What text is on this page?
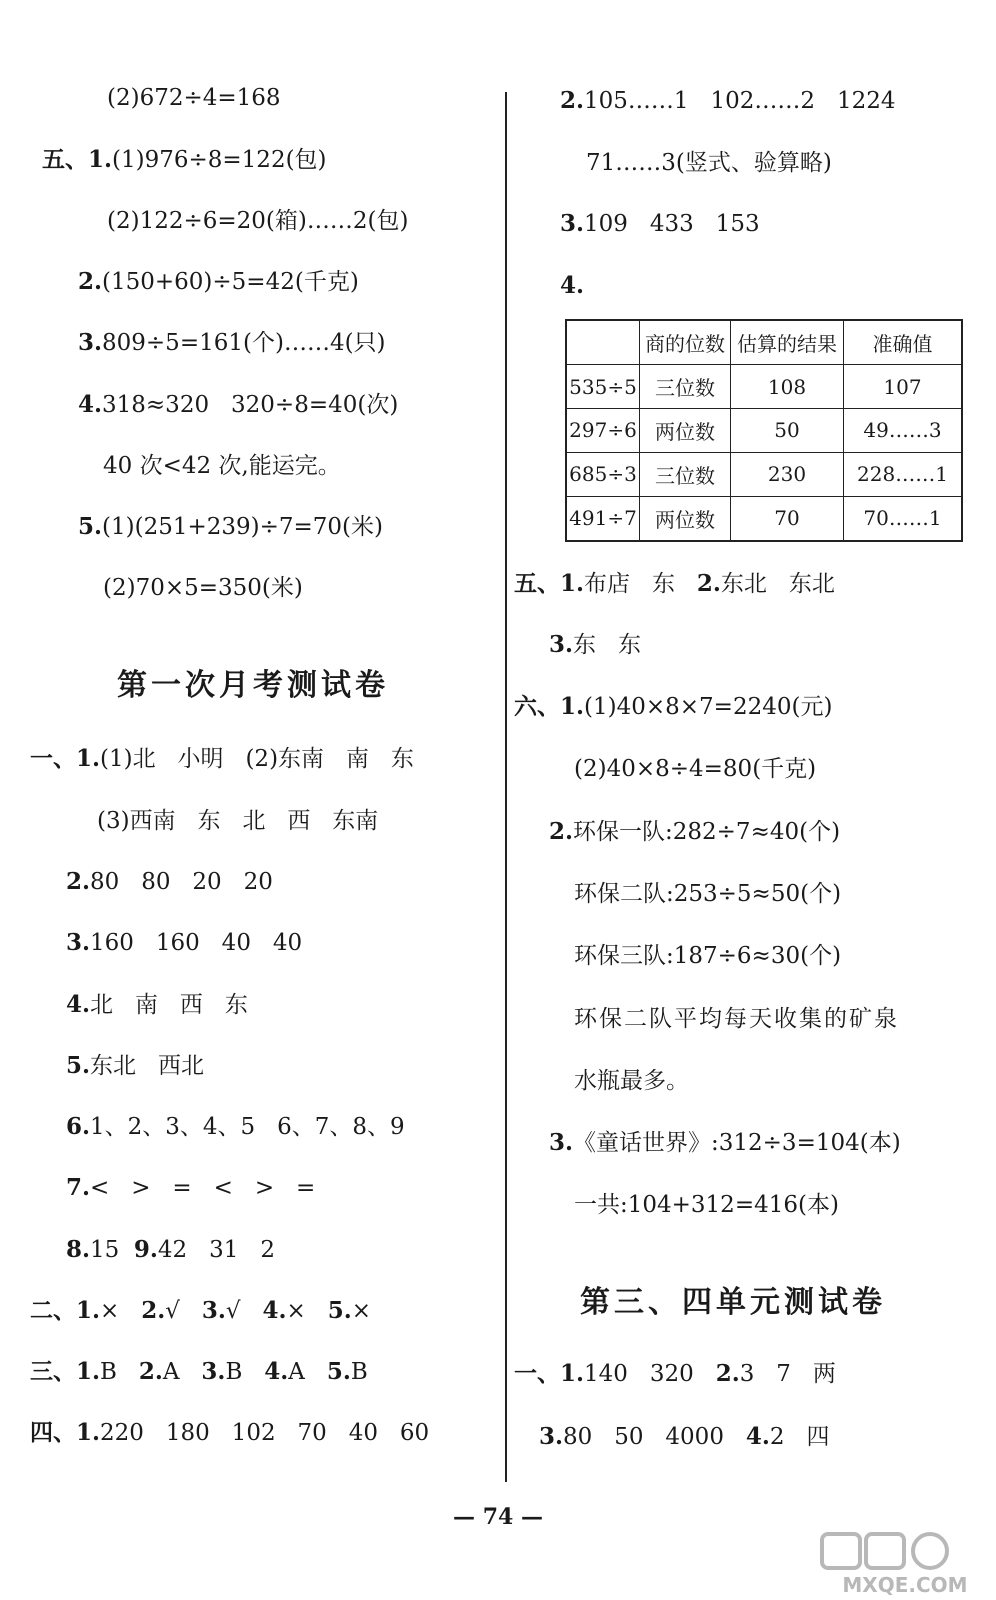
(2)672÷4=168
五、1.(1)976÷8=122(包)
(2)122÷6=20(箱)……2(包)
2.(150+60)÷5=42(千克)
3.809÷5=161(个)……4(只)
4.318≈320   320÷8=40(次)
40 次<42 次,能运完。
5.(1)(251+239)÷7=70(米)
(2)70×5=350(米)
第一次月考测试卷
一、1.(1)北   小明   (2)东南   南   东
(3)西南   东   北   西   东南
2.80   80   20   20
3.160   160   40   40
4.北   南   西   东
5.东北   西北
6.1、2、3、4、5   6、7、8、9
7.<   >   =   <   >   =
8.15  9.42   31   2
二、1.×   2.√   3.√   4.×   5.×
三、1.B   2.A   3.B   4.A   5.B
四、1.220   180   102   70   40   60
2.105……1   102……2   1224
71……3(竖式、验算略)
3.109   433   153
4.
	商的位数	估算的结果	准确值
535÷5	三位数	108	107
297÷6	两位数	50	49……3
685÷3	三位数	230	228……1
491÷7	两位数	70	70……1
五、1.布店   东   2.东北   东北
3.东   东
六、1.(1)40×8×7=2240(元)
(2)40×8÷4=80(千克)
2.环保一队:282÷7≈40(个)
环保二队:253÷5≈50(个)
环保三队:187÷6≈30(个)
环保二队平均每天收集的矿泉
水瓶最多。
3.《童话世界》:312÷3=104(本)
一共:104+312=416(本)
第三、四单元测试卷
一、1.140   320   2.3   7   两
3.80   50   4000   4.2   四
— 74 —
MXQE.COM
